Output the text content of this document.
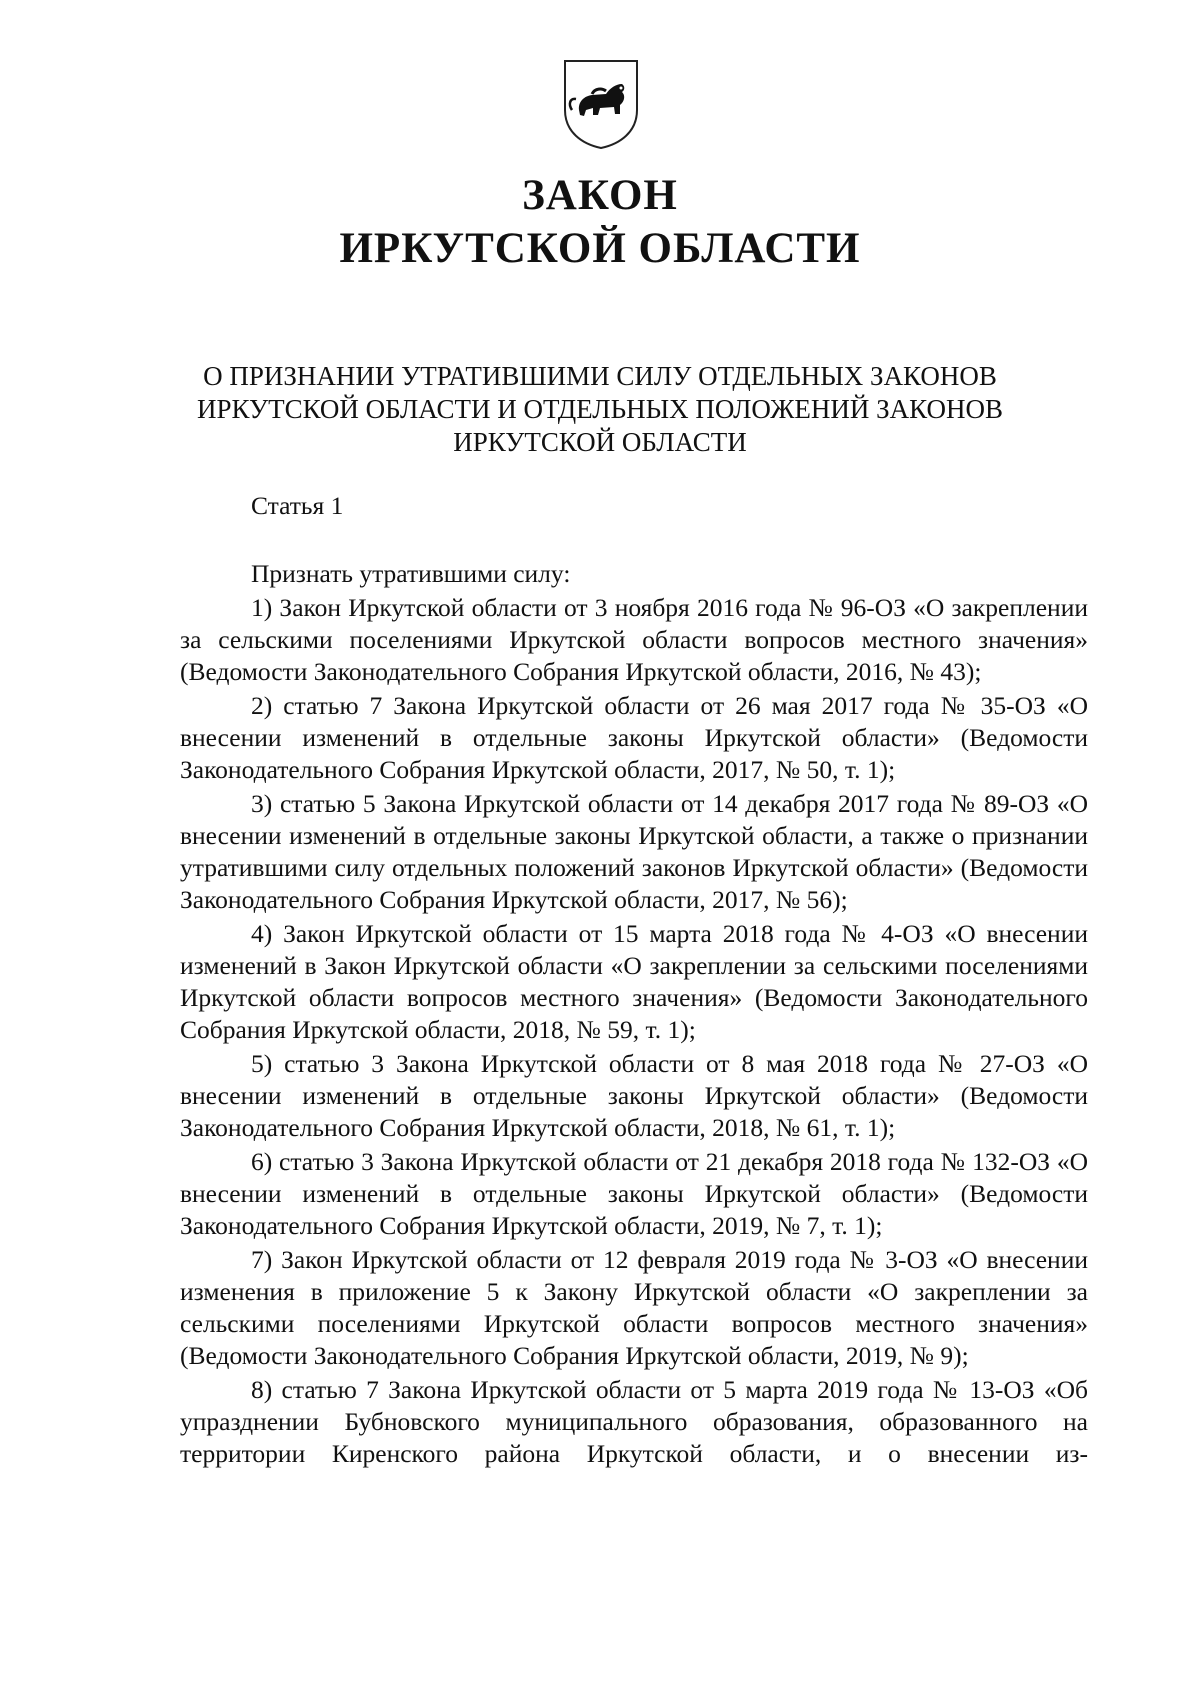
ЗАКОН
ИРКУТСКОЙ ОБЛАСТИ

О ПРИЗНАНИИ УТРАТИВШИМИ СИЛУ ОТДЕЛЬНЫХ ЗАКОНОВ ИРКУТСКОЙ ОБЛАСТИ И ОТДЕЛЬНЫХ ПОЛОЖЕНИЙ ЗАКОНОВ ИРКУТСКОЙ ОБЛАСТИ

Статья 1

Признать утратившими силу:

1) Закон Иркутской области от 3 ноября 2016 года № 96-ОЗ «О закреплении за сельскими поселениями Иркутской области вопросов местного значения» (Ведомости Законодательного Собрания Иркутской области, 2016, № 43);

2) статью 7 Закона Иркутской области от 26 мая 2017 года № 35-ОЗ «О внесении изменений в отдельные законы Иркутской области» (Ведомости Законодательного Собрания Иркутской области, 2017, № 50, т. 1);

3) статью 5 Закона Иркутской области от 14 декабря 2017 года № 89-ОЗ «О внесении изменений в отдельные законы Иркутской области, а также о признании утратившими силу отдельных положений законов Иркутской области» (Ведомости Законодательного Собрания Иркутской области, 2017, № 56);

4) Закон Иркутской области от 15 марта 2018 года № 4-ОЗ «О внесении изменений в Закон Иркутской области «О закреплении за сельскими поселениями Иркутской области вопросов местного значения» (Ведомости Законодательного Собрания Иркутской области, 2018, № 59, т. 1);

5) статью 3 Закона Иркутской области от 8 мая 2018 года № 27-ОЗ «О внесении изменений в отдельные законы Иркутской области» (Ведомости Законодательного Собрания Иркутской области, 2018, № 61, т. 1);

6) статью 3 Закона Иркутской области от 21 декабря 2018 года № 132-ОЗ «О внесении изменений в отдельные законы Иркутской области» (Ведомости Законодательного Собрания Иркутской области, 2019, № 7, т. 1);

7) Закон Иркутской области от 12 февраля 2019 года № 3-ОЗ «О внесении изменения в приложение 5 к Закону Иркутской области «О закреплении за сельскими поселениями Иркутской области вопросов местного значения» (Ведомости Законодательного Собрания Иркутской области, 2019, № 9);

8) статью 7 Закона Иркутской области от 5 марта 2019 года № 13-ОЗ «Об упразднении Бубновского муниципального образования, образованного на территории Киренского района Иркутской области, и о внесении из-
